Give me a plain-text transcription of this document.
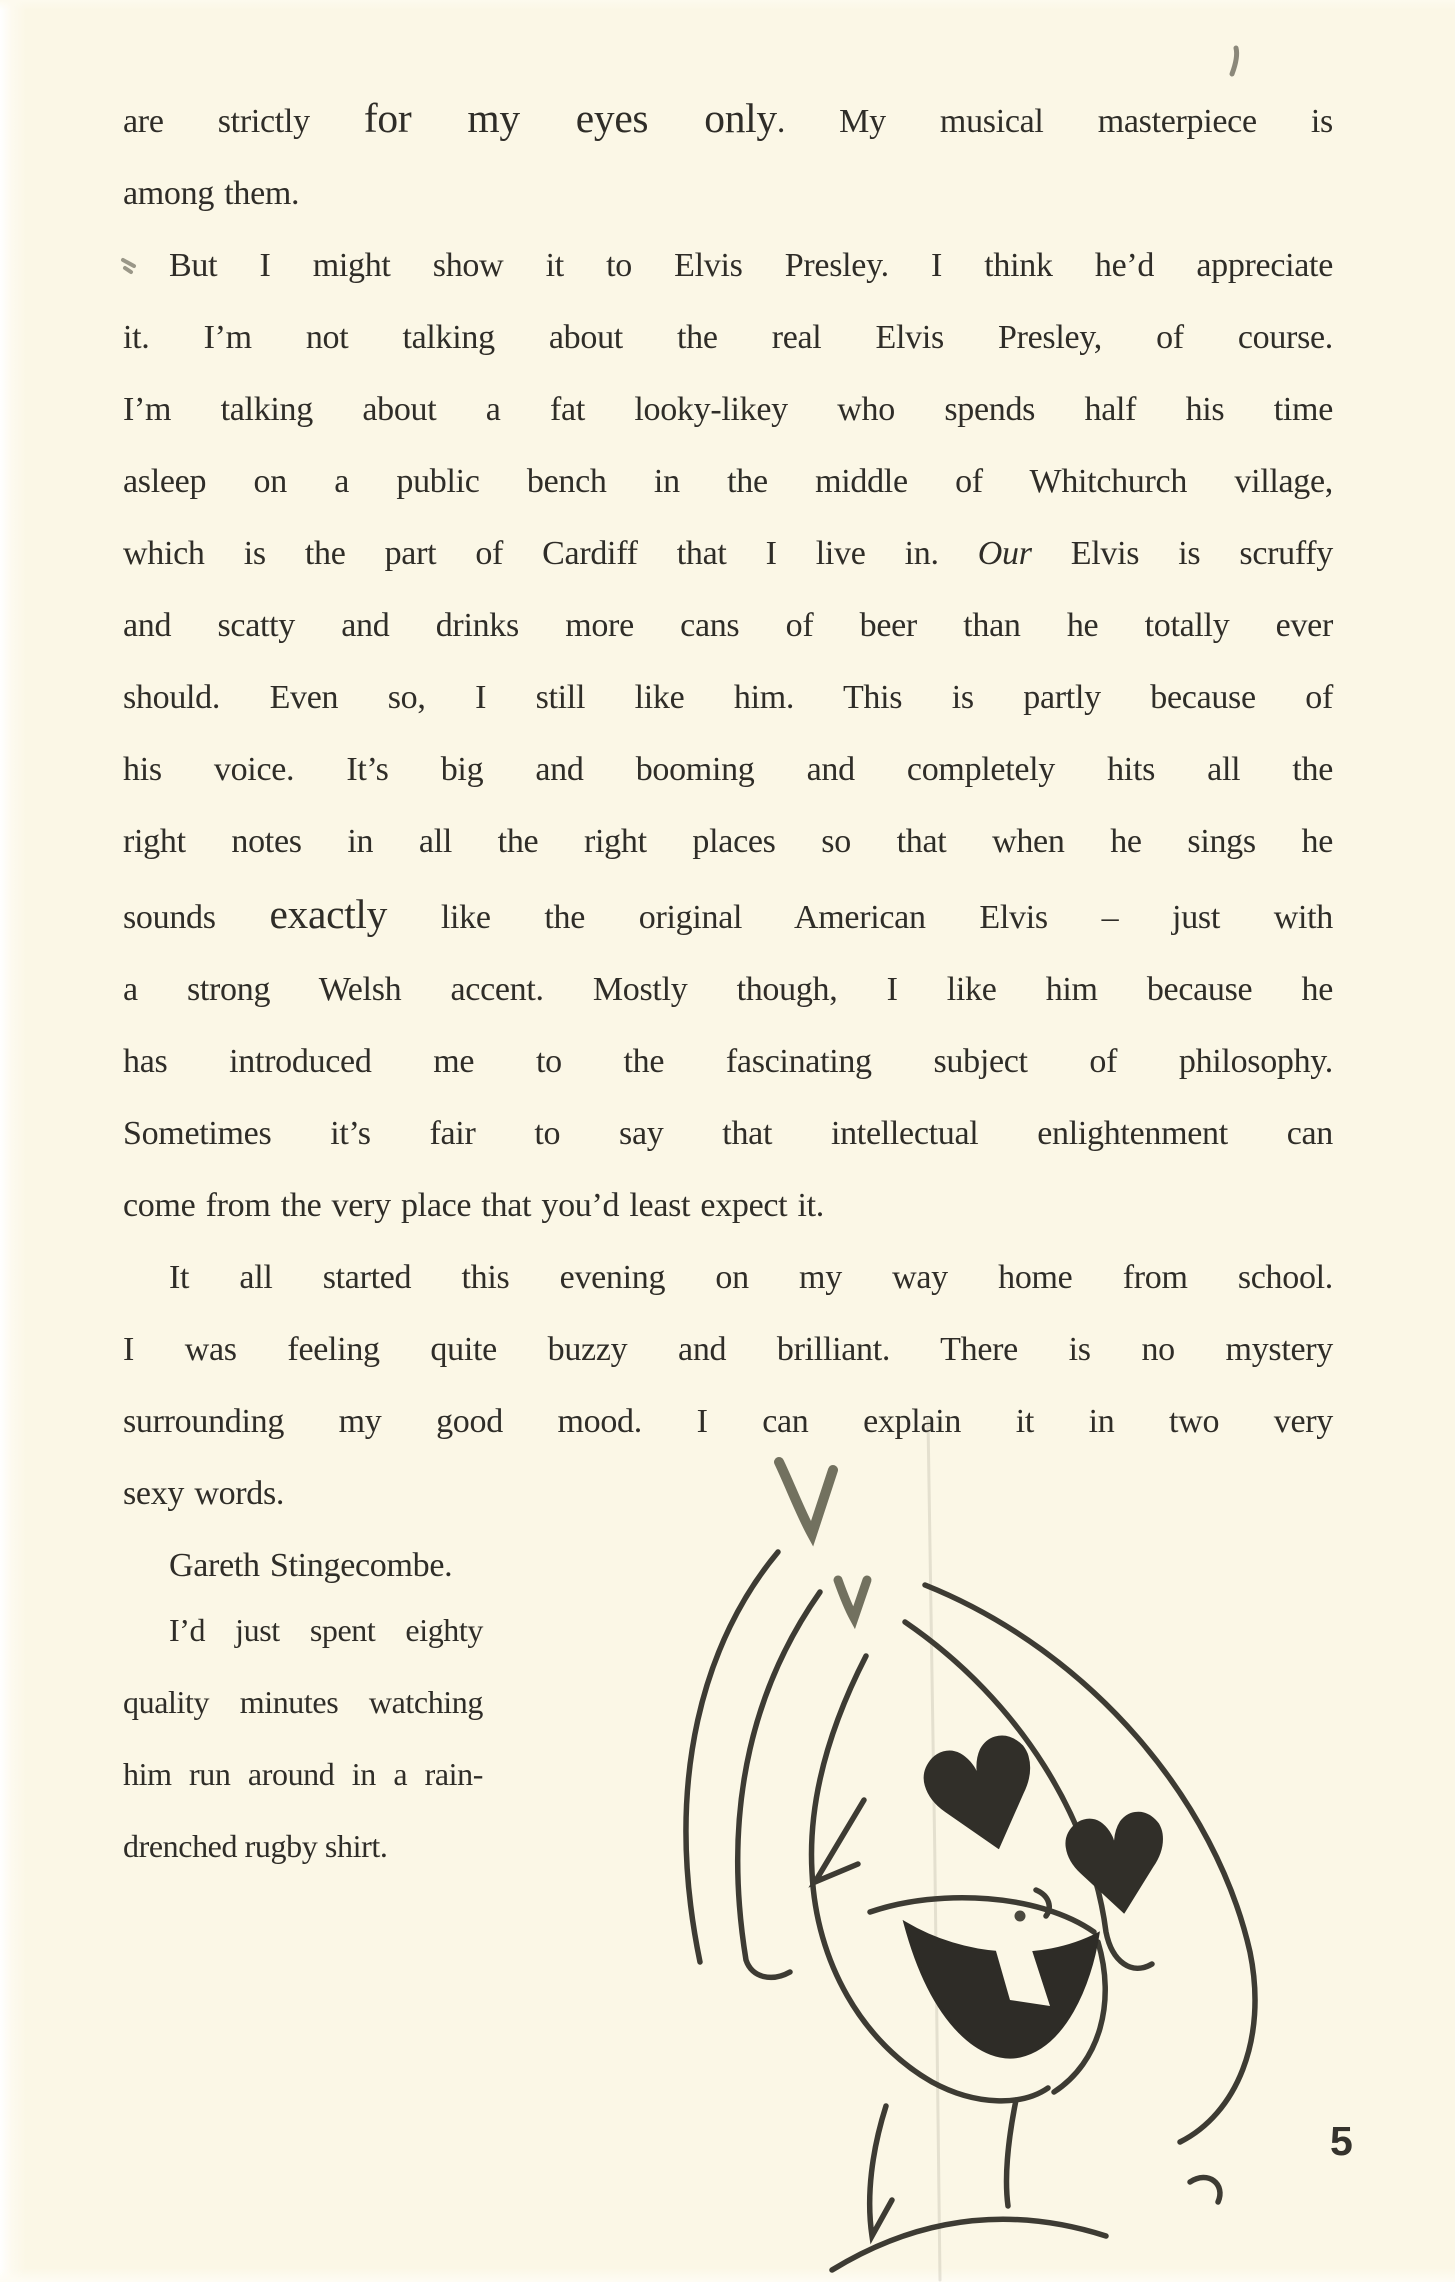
are strictly for my eyes only. My musical masterpiece is
among them.
But I might show it to Elvis Presley. I think he’d appreciate
it. I’m not talking about the real Elvis Presley, of course.
I’m talking about a fat looky-likey who spends half his time
asleep on a public bench in the middle of Whitchurch village,
which is the part of Cardiff that I live in. Our Elvis is scruffy
and scatty and drinks more cans of beer than he totally ever
should. Even so, I still like him. This is partly because of
his voice. It’s big and booming and completely hits all the
right notes in all the right places so that when he sings he
sounds exactly like the original American Elvis – just with
a strong Welsh accent. Mostly though, I like him because he
has introduced me to the fascinating subject of philosophy.
Sometimes it’s fair to say that intellectual enlightenment can
come from the very place that you’d least expect it.
It all started this evening on my way home from school.
I was feeling quite buzzy and brilliant. There is no mystery
surrounding my good mood. I can explain it in two very
sexy words.
Gareth Stingecombe.
I’d just spent eighty
quality minutes watching
him run around in a rain-
drenched rugby shirt.	♥
♥
5
